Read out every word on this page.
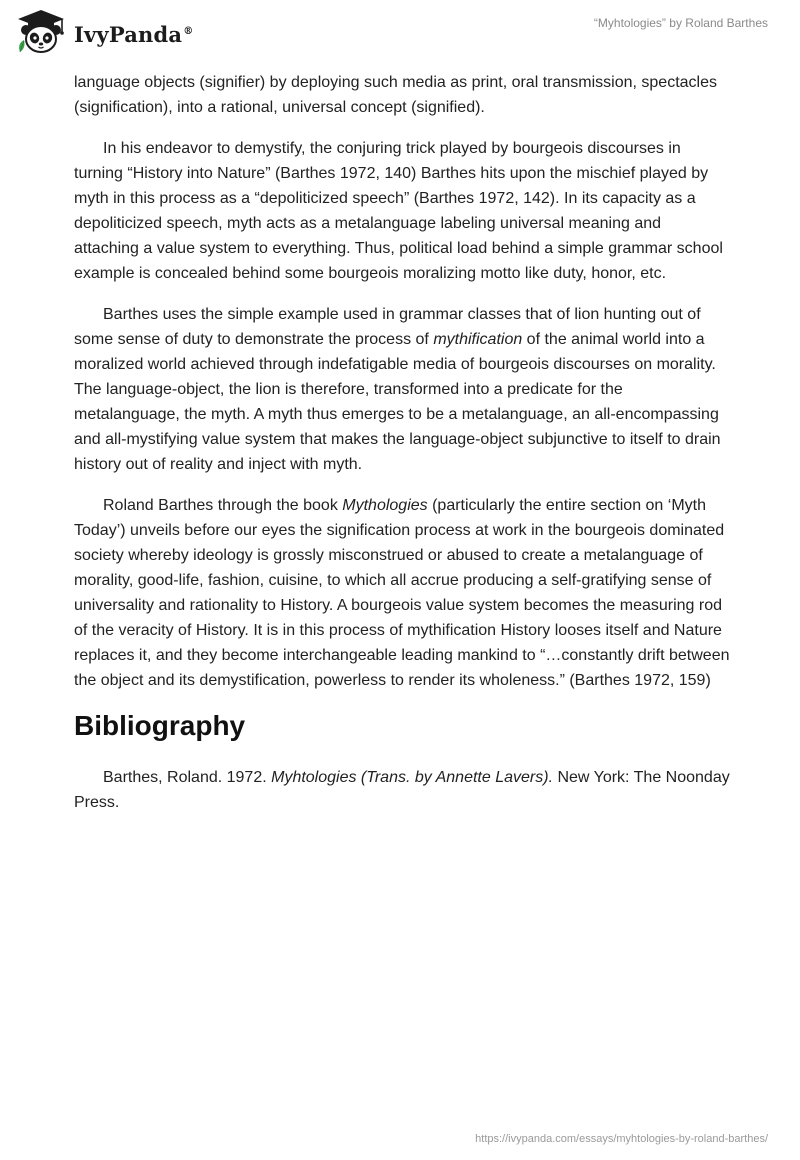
IvyPanda®
“Myhtologies” by Roland Barthes

language objects (signifier) by deploying such media as print, oral transmission, spectacles (signification), into a rational, universal concept (signified).

In his endeavor to demystify, the conjuring trick played by bourgeois discourses in turning “History into Nature” (Barthes 1972, 140) Barthes hits upon the mischief played by myth in this process as a “depoliticized speech” (Barthes 1972, 142). In its capacity as a depoliticized speech, myth acts as a metalanguage labeling universal meaning and attaching a value system to everything. Thus, political load behind a simple grammar school example is concealed behind some bourgeois moralizing motto like duty, honor, etc.

Barthes uses the simple example used in grammar classes that of lion hunting out of some sense of duty to demonstrate the process of mythification of the animal world into a moralized world achieved through indefatigable media of bourgeois discourses on morality. The language-object, the lion is therefore, transformed into a predicate for the metalanguage, the myth. A myth thus emerges to be a metalanguage, an all-encompassing and all-mystifying value system that makes the language-object subjunctive to itself to drain history out of reality and inject with myth.

Roland Barthes through the book Mythologies (particularly the entire section on ‘Myth Today’) unveils before our eyes the signification process at work in the bourgeois dominated society whereby ideology is grossly misconstrued or abused to create a metalanguage of morality, good-life, fashion, cuisine, to which all accrue producing a self-gratifying sense of universality and rationality to History. A bourgeois value system becomes the measuring rod of the veracity of History. It is in this process of mythification History looses itself and Nature replaces it, and they become interchangeable leading mankind to “…constantly drift between the object and its demystification, powerless to render its wholeness.” (Barthes 1972, 159)

Bibliography

Barthes, Roland. 1972. Myhtologies (Trans. by Annette Lavers). New York: The Noonday Press.

https://ivypanda.com/essays/myhtologies-by-roland-barthes/
